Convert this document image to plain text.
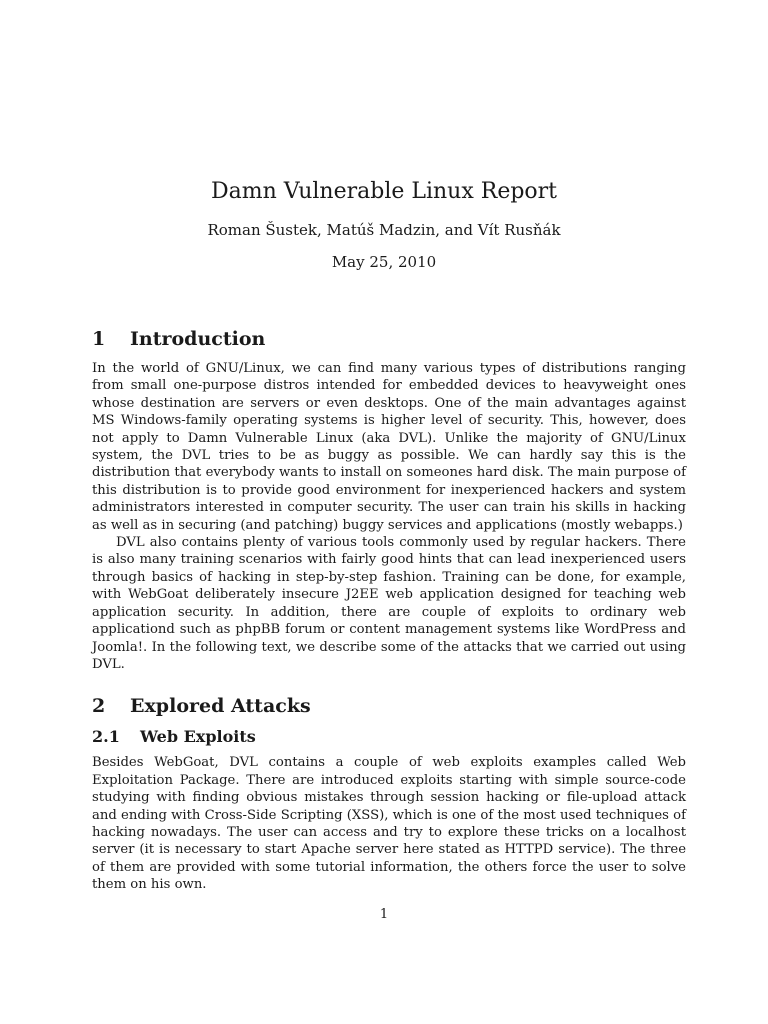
Damn Vulnerable Linux Report
Roman Šustek, Matúš Madzin, and Vít Rusňák
May 25, 2010
1	Introduction

In the world of GNU/Linux, we can find many various types of distributions ranging from small one-purpose distros intended for embedded devices to heavyweight ones whose destination are servers or even desktops. One of the main advantages against MS Windows-family operating systems is higher level of security. This, however, does not apply to Damn Vulnerable Linux (aka DVL). Unlike the majority of GNU/Linux system, the DVL tries to be as buggy as possible. We can hardly say this is the distribution that everybody wants to install on someones hard disk. The main purpose of this distribution is to provide good environment for inexperienced hackers and system administrators interested in computer security. The user can train his skills in hacking as well as in securing (and patching) buggy services and applications (mostly webapps.)

DVL also contains plenty of various tools commonly used by regular hackers. There is also many training scenarios with fairly good hints that can lead inexperienced users through basics of hacking in step-by-step fashion. Training can be done, for example, with WebGoat deliberately insecure J2EE web application designed for teaching web application security. In addition, there are couple of exploits to ordinary web applicationd such as phpBB forum or content management systems like WordPress and Joomla!. In the following text, we describe some of the attacks that we carried out using DVL.

2	Explored Attacks
2.1	Web Exploits

Besides WebGoat, DVL contains a couple of web exploits examples called Web Exploitation Package. There are introduced exploits starting with simple source-code studying with finding obvious mistakes through session hacking or file-upload attack and ending with Cross-Side Scripting (XSS), which is one of the most used techniques of hacking nowadays. The user can access and try to explore these tricks on a localhost server (it is necessary to start Apache server here stated as HTTPD service). The three of them are provided with some tutorial information, the others force the user to solve them on his own.

1
